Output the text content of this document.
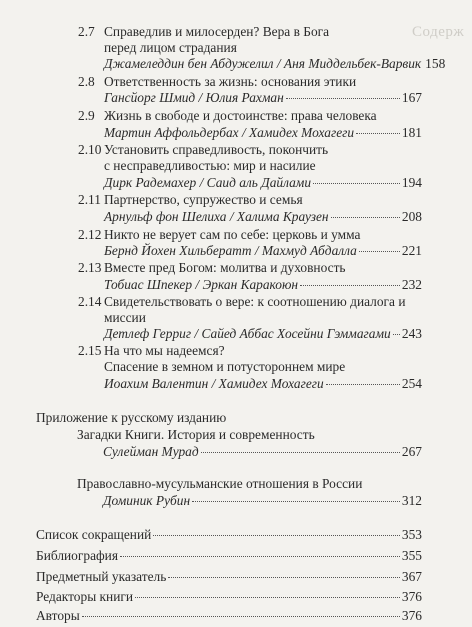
Содерж
2.7 Справедлив и милосерден? Вера в Бога
перед лицом страдания
Джамеледдин бен Абдужелил / Аня Миддельбек-Варвик 158
2.8 Ответственность за жизнь: основания этики
Гансйорг Шмид / Юлия Рахман	167
2.9 Жизнь в свободе и достоинстве: права человека
Мартин Аффольдербах / Хамидех Мохагеги	181
2.10 Установить справедливость, покончить
с несправедливостью: мир и насилие
Дирк Радемахер / Саид аль Дайлами	194
2.11 Партнерство, супружество и семья
Арнульф фон Шелиха / Халима Краузен	208
2.12 Никто не верует сам по себе: церковь и умма
Бернд Йохен Хильбератт / Махмуд Абдалла	221
2.13 Вместе пред Богом: молитва и духовность
Тобиас Шпекер / Эркан Каракоюн	232
2.14 Свидетельствовать о вере: к соотношению диалога и
миссии
Детлеф Герриг / Сайед Аббас Хосейни Гэммагами 243
2.15 На что мы надеемся?
Спасение в земном и потустороннем мире
Иоахим Валентин / Хамидех Мохагеги	254
Приложение к русскому изданию
Загадки Книги. История и современность
Сулейман Мурад	267
Православно-мусульманские отношения в России
Доминик Рубин	312
Список сокращений	353
Библиография	355
Предметный указатель	367
Редакторы книги	376
Авторы	376
